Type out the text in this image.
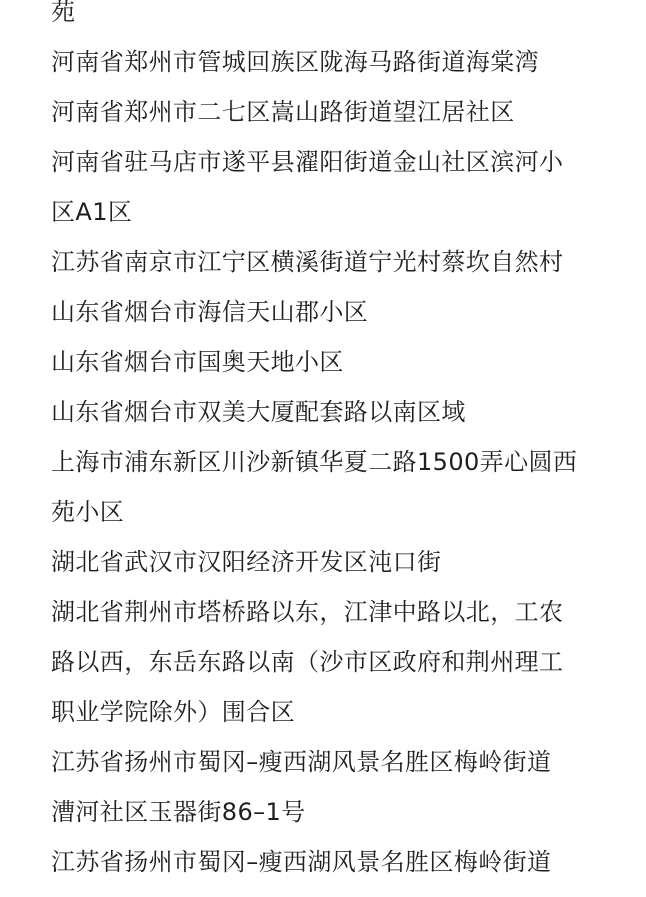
苑
河南省郑州市管城回族区陇海马路街道海棠湾
河南省郑州市二七区嵩山路街道望江居社区
河南省驻马店市遂平县濯阳街道金山社区滨河小
区A1区
江苏省南京市江宁区横溪街道宁光村蔡坎自然村
山东省烟台市海信天山郡小区
山东省烟台市国奥天地小区
山东省烟台市双美大厦配套路以南区域
上海市浦东新区川沙新镇华夏二路1500弄心圆西
苑小区
湖北省武汉市汉阳经济开发区沌口街
湖北省荆州市塔桥路以东，江津中路以北，工农
路以西，东岳东路以南（沙市区政府和荆州理工
职业学院除外）围合区
江苏省扬州市蜀冈–瘦西湖风景名胜区梅岭街道
漕河社区玉器街86–1号
江苏省扬州市蜀冈–瘦西湖风景名胜区梅岭街道
